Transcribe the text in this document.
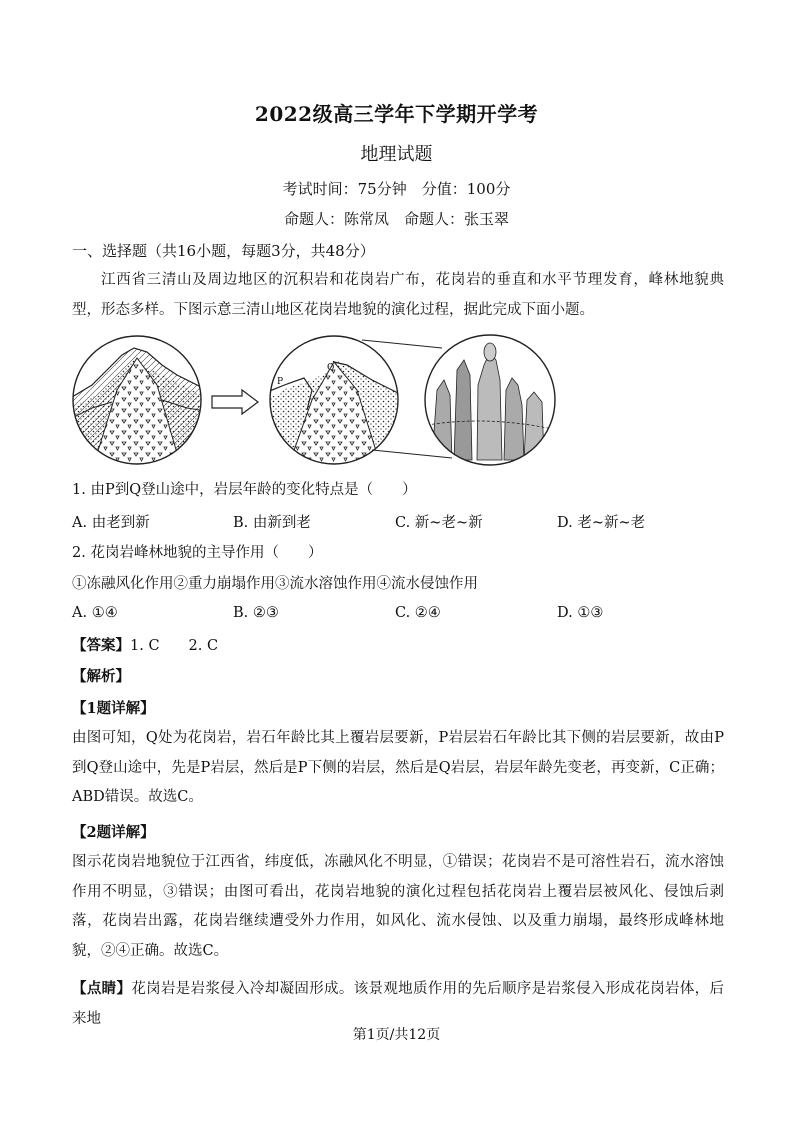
2022级高三学年下学期开学考
地理试题
考试时间：75分钟　分值：100分
命题人：陈常凤　命题人：张玉翠
一、选择题（共16小题，每题3分，共48分）
江西省三清山及周边地区的沉积岩和花岗岩广布，花岗岩的垂直和水平节理发育，峰林地貌典型，形态多样。下图示意三清山地区花岗岩地貌的演化过程，据此完成下面小题。
P
Q
1. 由P到Q登山途中，岩层年龄的变化特点是（　　）
A. 由老到新	B. 由新到老	C. 新~老~新	D. 老~新~老
2. 花岗岩峰林地貌的主导作用（　　）
①冻融风化作用②重力崩塌作用③流水溶蚀作用④流水侵蚀作用
A. ①④	B. ②③	C. ②④	D. ①③
【答案】1. C　　2. C
【解析】
【1题详解】
由图可知，Q处为花岗岩，岩石年龄比其上覆岩层要新，P岩层岩石年龄比其下侧的岩层要新，故由P到Q登山途中，先是P岩层，然后是P下侧的岩层，然后是Q岩层，岩层年龄先变老，再变新，C正确；ABD错误。故选C。
【2题详解】
图示花岗岩地貌位于江西省，纬度低，冻融风化不明显，①错误；花岗岩不是可溶性岩石，流水溶蚀作用不明显，③错误；由图可看出，花岗岩地貌的演化过程包括花岗岩上覆岩层被风化、侵蚀后剥落，花岗岩出露，花岗岩继续遭受外力作用，如风化、流水侵蚀、以及重力崩塌，最终形成峰林地貌，②④正确。故选C。
【点睛】花岗岩是岩浆侵入冷却凝固形成。该景观地质作用的先后顺序是岩浆侵入形成花岗岩体，后来地
第1页/共12页
